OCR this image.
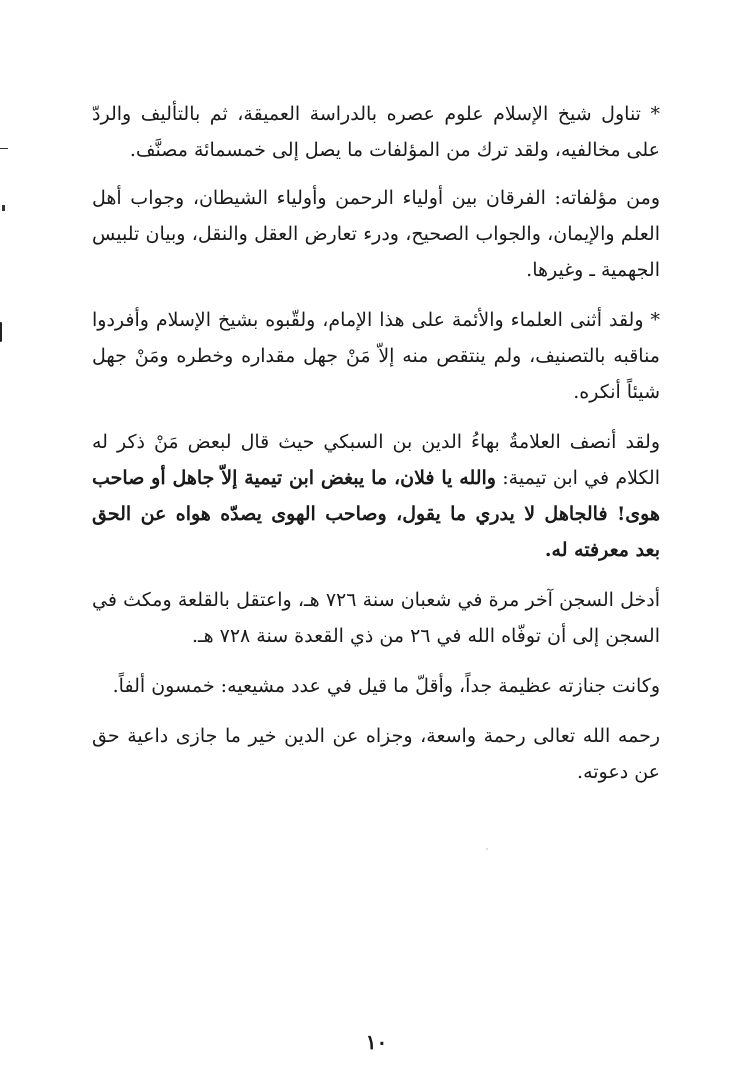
* تناول شيخ الإسلام علوم عصره بالدراسة العميقة، ثم بالتأليف والردّ على مخالفيه، ولقد ترك من المؤلفات ما يصل إلى خمسمائة مصنَّف.

ومن مؤلفاته: الفرقان بين أولياء الرحمن وأولياء الشيطان، وجواب أهل العلم والإيمان، والجواب الصحيح، ودرء تعارض العقل والنقل، وبيان تلبيس الجهمية ـ وغيرها.

* ولقد أثنى العلماء والأئمة على هذا الإمام، ولقّبوه بشيخ الإسلام وأفردوا مناقبه بالتصنيف، ولم ينتقص منه إلاّ مَنْ جهل مقداره وخطره ومَنْ جهل شيئاً أنكره.

ولقد أنصف العلامةُ بهاءُ الدين بن السبكي حيث قال لبعض مَنْ ذكر له الكلام في ابن تيمية: والله يا فلان، ما يبغض ابن تيمية إلاّ جاهل أو صاحب هوى! فالجاهل لا يدري ما يقول، وصاحب الهوى يصدّه هواه عن الحق بعد معرفته له.

أدخل السجن آخر مرة في شعبان سنة ٧٢٦ هـ، واعتقل بالقلعة ومكث في السجن إلى أن توفّاه الله في ٢٦ من ذي القعدة سنة ٧٢٨ هـ.

وكانت جنازته عظيمة جداً، وأقلّ ما قيل في عدد مشيعيه: خمسون ألفاً.

رحمه الله تعالى رحمة واسعة، وجزاه عن الدين خير ما جازى داعية حق عن دعوته.

١٠
